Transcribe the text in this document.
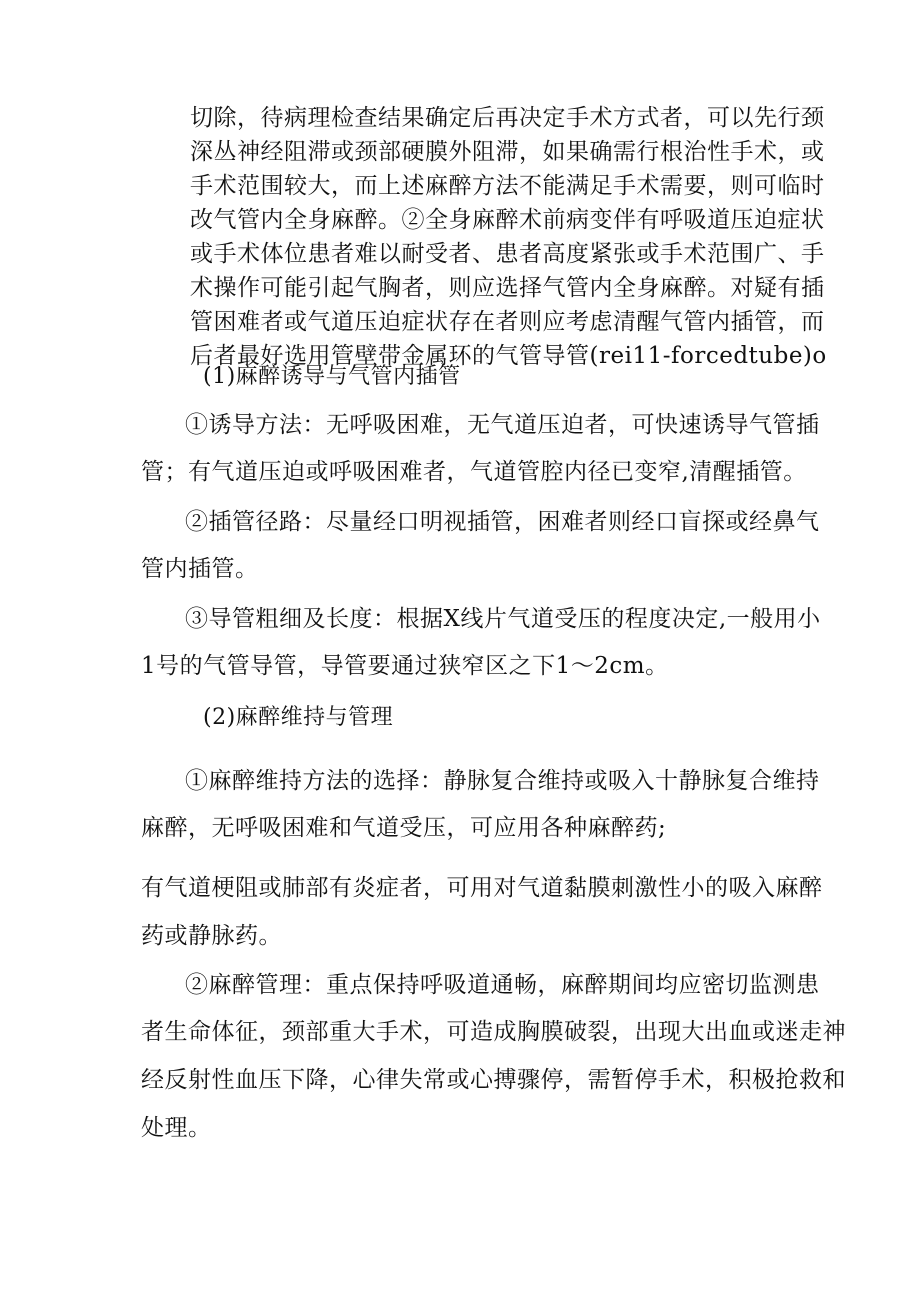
切除，待病理检查结果确定后再决定手术方式者，可以先行颈
深丛神经阻滞或颈部硬膜外阻滞，如果确需行根治性手术，或
手术范围较大，而上述麻醉方法不能满足手术需要，则可临时
改气管内全身麻醉。②全身麻醉术前病变伴有呼吸道压迫症状
或手术体位患者难以耐受者、患者高度紧张或手术范围广、手
术操作可能引起气胸者，则应选择气管内全身麻醉。对疑有插
管困难者或气道压迫症状存在者则应考虑清醒气管内插管，而
后者最好选用管壁带金属环的气管导管(rei11-forcedtube)o
(1)麻醉诱导与气管内插管
①诱导方法：无呼吸困难，无气道压迫者，可快速诱导气管插
管；有气道压迫或呼吸困难者，气道管腔内径已变窄,清醒插管。
②插管径路：尽量经口明视插管，困难者则经口盲探或经鼻气
管内插管。
③导管粗细及长度：根据X线片气道受压的程度决定,一般用小
1号的气管导管，导管要通过狭窄区之下1～2cm。
(2)麻醉维持与管理
①麻醉维持方法的选择：静脉复合维持或吸入十静脉复合维持
麻醉，无呼吸困难和气道受压，可应用各种麻醉药;
有气道梗阻或肺部有炎症者，可用对气道黏膜刺激性小的吸入麻醉
药或静脉药。
②麻醉管理：重点保持呼吸道通畅，麻醉期间均应密切监测患
者生命体征，颈部重大手术，可造成胸膜破裂，出现大出血或迷走神
经反射性血压下降，心律失常或心搏骤停，需暂停手术，积极抢救和
处理。
